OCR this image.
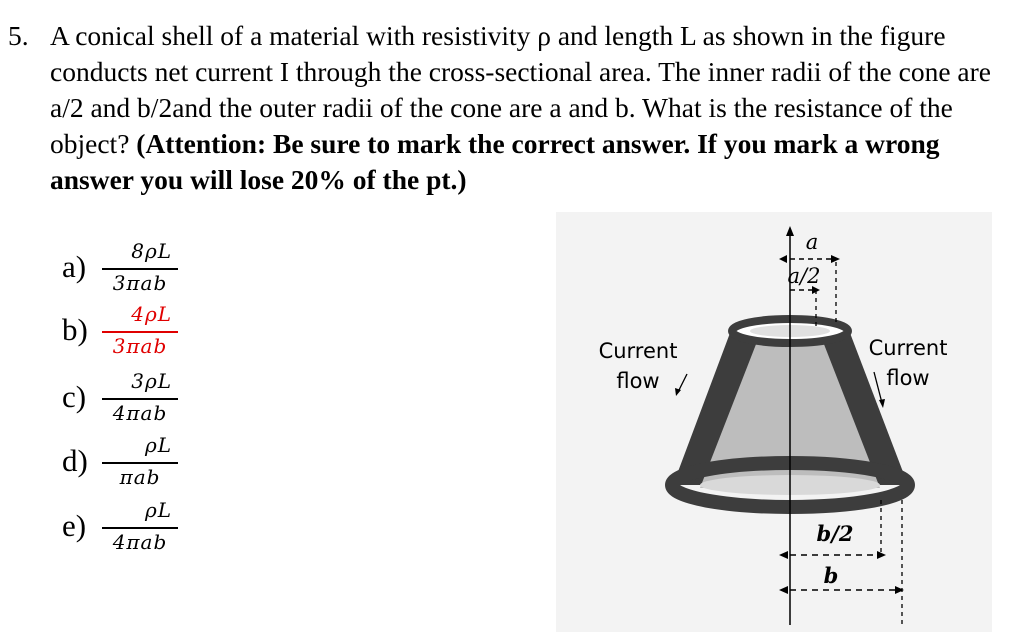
5. A conical shell of a material with resistivity ρ and length L as shown in the figure conducts net current I through the cross-sectional area. The inner radii of the cone are a/2 and b/2and the outer radii of the cone are a and b. What is the resistance of the object? (Attention: Be sure to mark the correct answer. If you mark a wrong answer you will lose 20% of the pt.)
a)	8ρL
3πab
b)	4ρL
3πab
c)	3ρL
4πab
d)	ρL
πab
e)	ρL
4πab
a
a/2
b/2
b
Current
flow
Current
flow
